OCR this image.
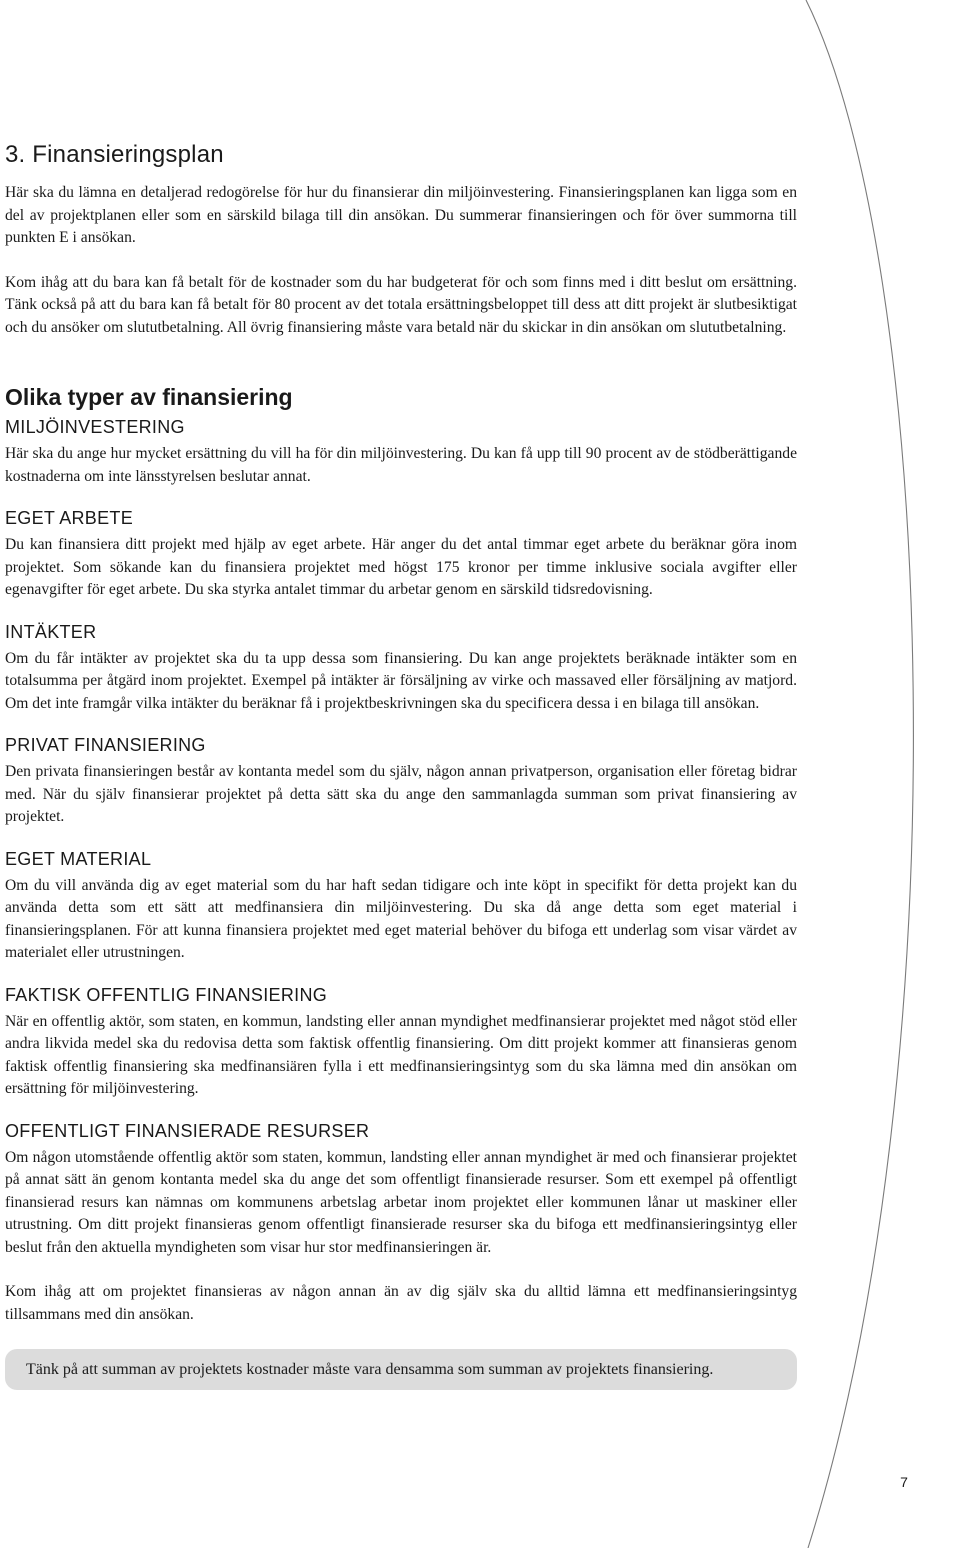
3. Finansieringsplan

Här ska du lämna en detaljerad redogörelse för hur du finansierar din miljöinvestering. Finansieringsplanen kan ligga som en del av projektplanen eller som en särskild bilaga till din ansökan. Du summerar finansieringen och för över summorna till punkten E i ansökan.

Kom ihåg att du bara kan få betalt för de kostnader som du har budgeterat för och som finns med i ditt beslut om ersättning. Tänk också på att du bara kan få betalt för 80 procent av det totala ersättningsbeloppet till dess att ditt projekt är slutbesiktigat och du ansöker om slututbetalning. All övrig finansiering måste vara betald när du skickar in din ansökan om slututbetalning.

Olika typer av finansiering
MILJÖINVESTERING

Här ska du ange hur mycket ersättning du vill ha för din miljöinvestering. Du kan få upp till 90 procent av de stödberättigande kostnaderna om inte länsstyrelsen beslutar annat.

EGET ARBETE

Du kan finansiera ditt projekt med hjälp av eget arbete. Här anger du det antal timmar eget arbete du beräknar göra inom projektet. Som sökande kan du finansiera projektet med högst 175 kronor per timme inklusive sociala avgifter eller egenavgifter för eget arbete. Du ska styrka antalet timmar du arbetar genom en särskild tidsredovisning.

INTÄKTER

Om du får intäkter av projektet ska du ta upp dessa som finansiering. Du kan ange projektets beräknade intäkter som en totalsumma per åtgärd inom projektet. Exempel på intäkter är försäljning av virke och massaved eller försäljning av matjord. Om det inte framgår vilka intäkter du beräknar få i projektbeskrivningen ska du specificera dessa i en bilaga till ansökan.

PRIVAT FINANSIERING

Den privata finansieringen består av kontanta medel som du själv, någon annan privatperson, organisation eller företag bidrar med. När du själv finansierar projektet på detta sätt ska du ange den sammanlagda summan som privat finansiering av projektet.

EGET MATERIAL

Om du vill använda dig av eget material som du har haft sedan tidigare och inte köpt in specifikt för detta projekt kan du använda detta som ett sätt att medfinansiera din miljöinvestering. Du ska då ange detta som eget material i finansieringsplanen. För att kunna finansiera projektet med eget material behöver du bifoga ett underlag som visar värdet av materialet eller utrustningen.

FAKTISK OFFENTLIG FINANSIERING

När en offentlig aktör, som staten, en kommun, landsting eller annan myndighet medfinansierar projektet med något stöd eller andra likvida medel ska du redovisa detta som faktisk offentlig finansiering. Om ditt projekt kommer att finansieras genom faktisk offentlig finansiering ska medfinansiären fylla i ett medfinansieringsintyg som du ska lämna med din ansökan om ersättning för miljöinvestering.

OFFENTLIGT FINANSIERADE RESURSER

Om någon utomstående offentlig aktör som staten, kommun, landsting eller annan myndighet är med och finansierar projektet på annat sätt än genom kontanta medel ska du ange det som offentligt finansierade resurser. Som ett exempel på offentligt finansierad resurs kan nämnas om kommunens arbetslag arbetar inom projektet eller kommunen lånar ut maskiner eller utrustning. Om ditt projekt finansieras genom offentligt finansierade resurser ska du bifoga ett medfinansieringsintyg eller beslut från den aktuella myndigheten som visar hur stor medfinansieringen är.

Kom ihåg att om projektet finansieras av någon annan än av dig själv ska du alltid lämna ett medfinansieringsintyg tillsammans med din ansökan.

Tänk på att summan av projektets kostnader måste vara densamma som summan av projektets finansiering.

7
